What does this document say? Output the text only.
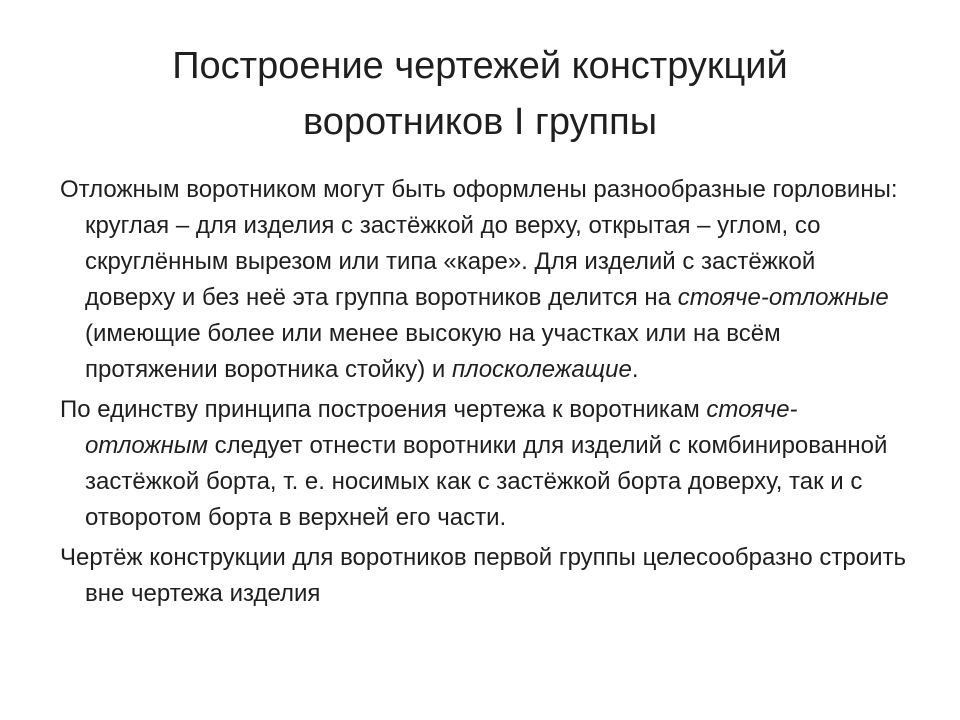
Построение чертежей конструкций
воротников I группы

Отложным воротником могут быть оформлены разнообразные горловины: круглая – для изделия с застёжкой до верху, открытая – углом, со скруглённым вырезом или типа «каре». Для изделий с застёжкой доверху и без неё эта группа воротников делится на стояче-отложные (имеющие более или менее высокую на участках или на всём протяжении воротника стойку) и плосколежащие.

По единству принципа построения чертежа к воротникам стояче-отложным следует отнести воротники для изделий с комбинированной застёжкой борта, т. е. носимых как с застёжкой борта доверху, так и с отворотом борта в верхней его части.

Чертёж конструкции для воротников первой группы целесообразно строить вне чертежа изделия
